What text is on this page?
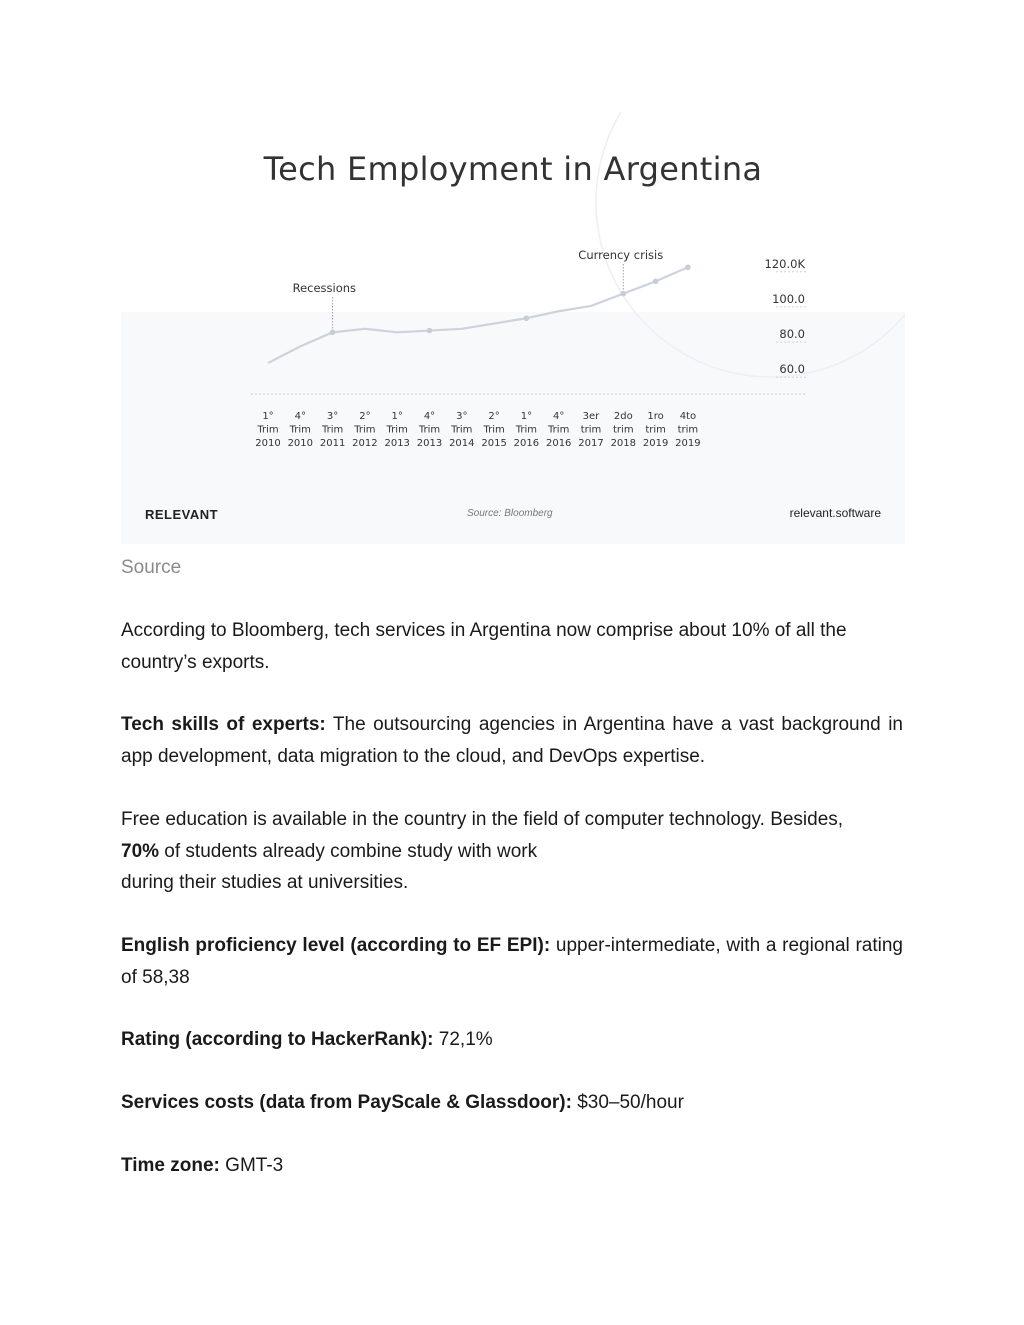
Tech Employment in Argentina
120.0K
100.0
80.0
60.0
Recessions
Currency crisis
1°
Trim
2010
4°
Trim
2010
3°
Trim
2011
2°
Trim
2012
1°
Trim
2013
4°
Trim
2013
3°
Trim
2014
2°
Trim
2015
1°
Trim
2016
4°
Trim
2016
3er
trim
2017
2do
trim
2018
1ro
trim
2019
4to
trim
2019
RELEVANT	Source: Bloomberg	relevant.software
Source

According to Bloomberg, tech services in Argentina now comprise about 10% of all the country’s exports.

Tech skills of experts: The outsourcing agencies in Argentina have a vast background in app development, data migration to the cloud, and DevOps expertise.

Free education is available in the country in the field of computer technology. Besides,
70% of students already combine study with work
during their studies at universities.

English proficiency level (according to EF EPI): upper-intermediate, with a regional rating of 58,38

Rating (according to HackerRank): 72,1%

Services costs (data from PayScale & Glassdoor): $30–50/hour

Time zone: GMT-3
